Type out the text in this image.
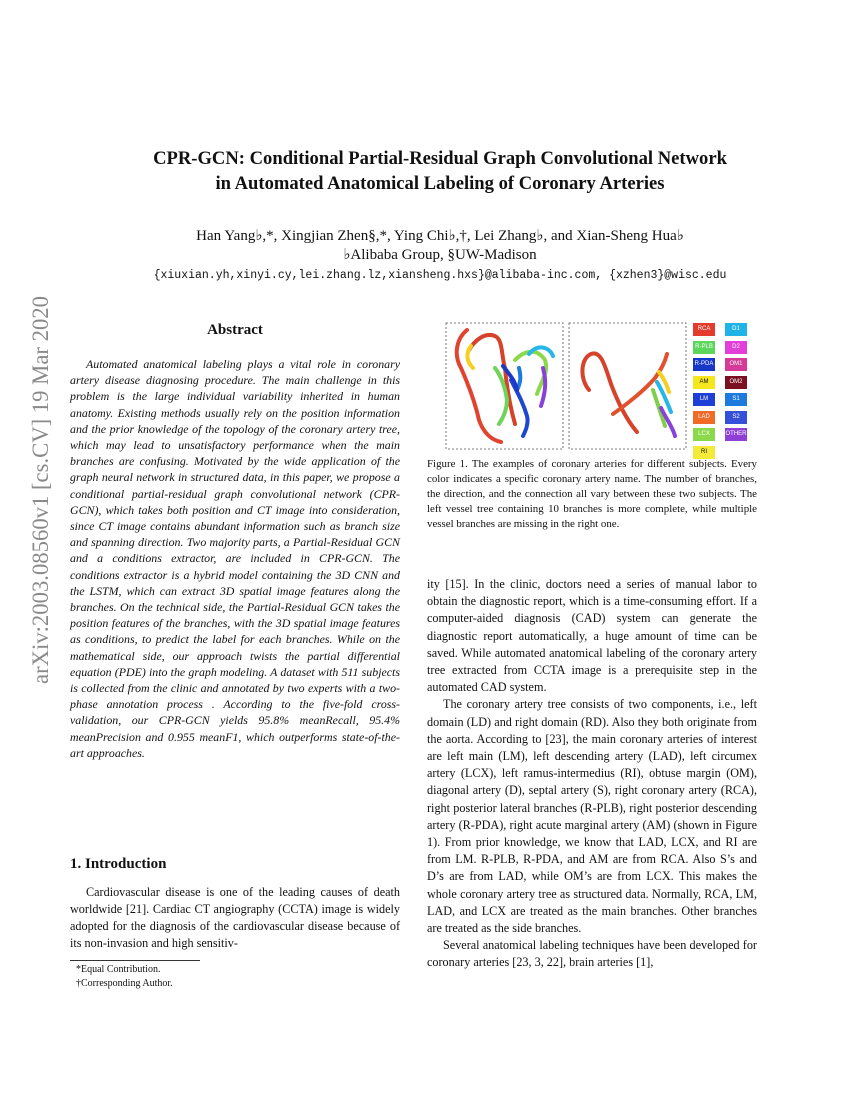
arXiv:2003.08560v1 [cs.CV] 19 Mar 2020
CPR-GCN: Conditional Partial-Residual Graph Convolutional Network
in Automated Anatomical Labeling of Coronary Arteries
Han Yang♭,*, Xingjian Zhen§,*, Ying Chi♭,†, Lei Zhang♭, and Xian-Sheng Hua♭
♭Alibaba Group, §UW-Madison
{xiuxian.yh,xinyi.cy,lei.zhang.lz,xiansheng.hxs}@alibaba-inc.com, {xzhen3}@wisc.edu
Abstract

Automated anatomical labeling plays a vital role in coronary artery disease diagnosing procedure. The main challenge in this problem is the large individual variability inherited in human anatomy. Existing methods usually rely on the position information and the prior knowledge of the topology of the coronary artery tree, which may lead to unsatisfactory performance when the main branches are confusing. Motivated by the wide application of the graph neural network in structured data, in this paper, we propose a conditional partial-residual graph convolutional network (CPR-GCN), which takes both position and CT image into consideration, since CT image contains abundant information such as branch size and spanning direction. Two majority parts, a Partial-Residual GCN and a conditions extractor, are included in CPR-GCN. The conditions extractor is a hybrid model containing the 3D CNN and the LSTM, which can extract 3D spatial image features along the branches. On the technical side, the Partial-Residual GCN takes the position features of the branches, with the 3D spatial image features as conditions, to predict the label for each branches. While on the mathematical side, our approach twists the partial differential equation (PDE) into the graph modeling. A dataset with 511 subjects is collected from the clinic and annotated by two experts with a two-phase annotation process . According to the five-fold cross-validation, our CPR-GCN yields 95.8% meanRecall, 95.4% meanPrecision and 0.955 meanF1, which outperforms state-of-the-art approaches.

1. Introduction

Cardiovascular disease is one of the leading causes of death worldwide [21]. Cardiac CT angiography (CCTA) image is widely adopted for the diagnosis of the cardiovascular disease because of its non-invasion and high sensitiv-

*Equal Contribution.
†Corresponding Author.
RCA	D1
R-PLB	D2
R-PDA	OM1
AM	OM2
LM	S1
LAD	S2
LCX	OTHER
RI
Figure 1. The examples of coronary arteries for different subjects. Every color indicates a specific coronary artery name. The number of branches, the direction, and the connection all vary between these two subjects. The left vessel tree containing 10 branches is more complete, while multiple vessel branches are missing in the right one.

ity [15]. In the clinic, doctors need a series of manual labor to obtain the diagnostic report, which is a time-consuming effort. If a computer-aided diagnosis (CAD) system can generate the diagnostic report automatically, a huge amount of time can be saved. While automated anatomical labeling of the coronary artery tree extracted from CCTA image is a prerequisite step in the automated CAD system.

The coronary artery tree consists of two components, i.e., left domain (LD) and right domain (RD). Also they both originate from the aorta. According to [23], the main coronary arteries of interest are left main (LM), left descending artery (LAD), left circumex artery (LCX), left ramus-intermedius (RI), obtuse margin (OM), diagonal artery (D), septal artery (S), right coronary artery (RCA), right posterior lateral branches (R-PLB), right posterior descending artery (R-PDA), right acute marginal artery (AM) (shown in Figure 1). From prior knowledge, we know that LAD, LCX, and RI are from LM. R-PLB, R-PDA, and AM are from RCA. Also S’s and D’s are from LAD, while OM’s are from LCX. This makes the whole coronary artery tree as structured data. Normally, RCA, LM, LAD, and LCX are treated as the main branches. Other branches are treated as the side branches.

Several anatomical labeling techniques have been developed for coronary arteries [23, 3, 22], brain arteries [1],
